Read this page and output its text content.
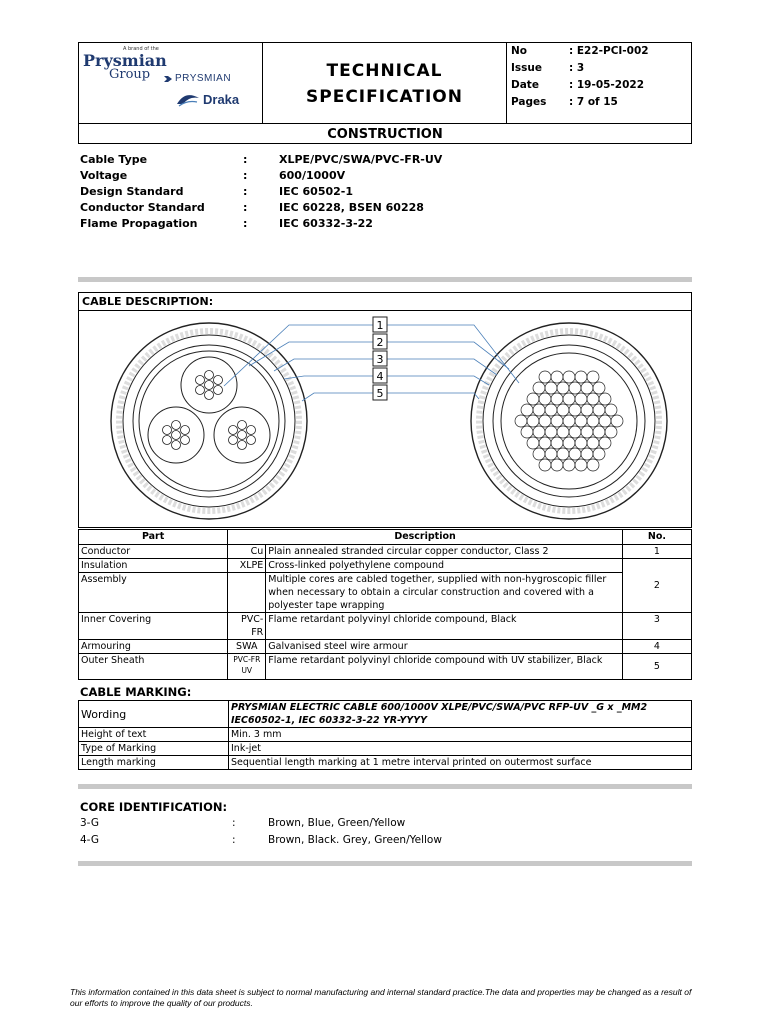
A brand of the
Prysmian
Group PRYSMIAN
Draka
TECHNICAL
SPECIFICATION
No	: E22-PCI-002
Issue	: 3
Date	: 19-05-2022
Pages	: 7 of 15
CONSTRUCTION
Cable Type	:	XLPE/PVC/SWA/PVC-FR-UV
Voltage	:	600/1000V
Design Standard	:	IEC 60502-1
Conductor Standard	:	IEC 60228, BSEN 60228
Flame Propagation	:	IEC 60332-3-22
CABLE DESCRIPTION:
1
2
3
4
5
Part	Description		No.
Conductor	Cu	Plain annealed stranded circular copper conductor, Class 2	1
Insulation	XLPE	Cross-linked polyethylene compound	2
Assembly		Multiple cores are cabled together, supplied with non-hygroscopic filler when necessary to obtain a circular construction and covered with a polyester tape wrapping	
Inner Covering	PVC-FR	Flame retardant polyvinyl chloride compound, Black	3
Armouring	SWA	Galvanised steel wire armour	4
Outer Sheath	PVC-FR UV	Flame retardant polyvinyl chloride compound with UV stabilizer, Black	5
CABLE MARKING:
Wording	PRYSMIAN ELECTRIC CABLE 600/1000V XLPE/PVC/SWA/PVC RFP-UV _G x _MM2 IEC60502-1, IEC 60332-3-22 YR-YYYY
Height of text	Min. 3 mm
Type of Marking	Ink-jet
Length marking	Sequential length marking at 1 metre interval printed on outermost surface
CORE IDENTIFICATION:
3-G	:	Brown, Blue, Green/Yellow
4-G	:	Brown, Black. Grey, Green/Yellow
This information contained in this data sheet is subject to normal manufacturing and internal standard practice.The data and properties may be changed as a result of our efforts to improve the quality of our products.
